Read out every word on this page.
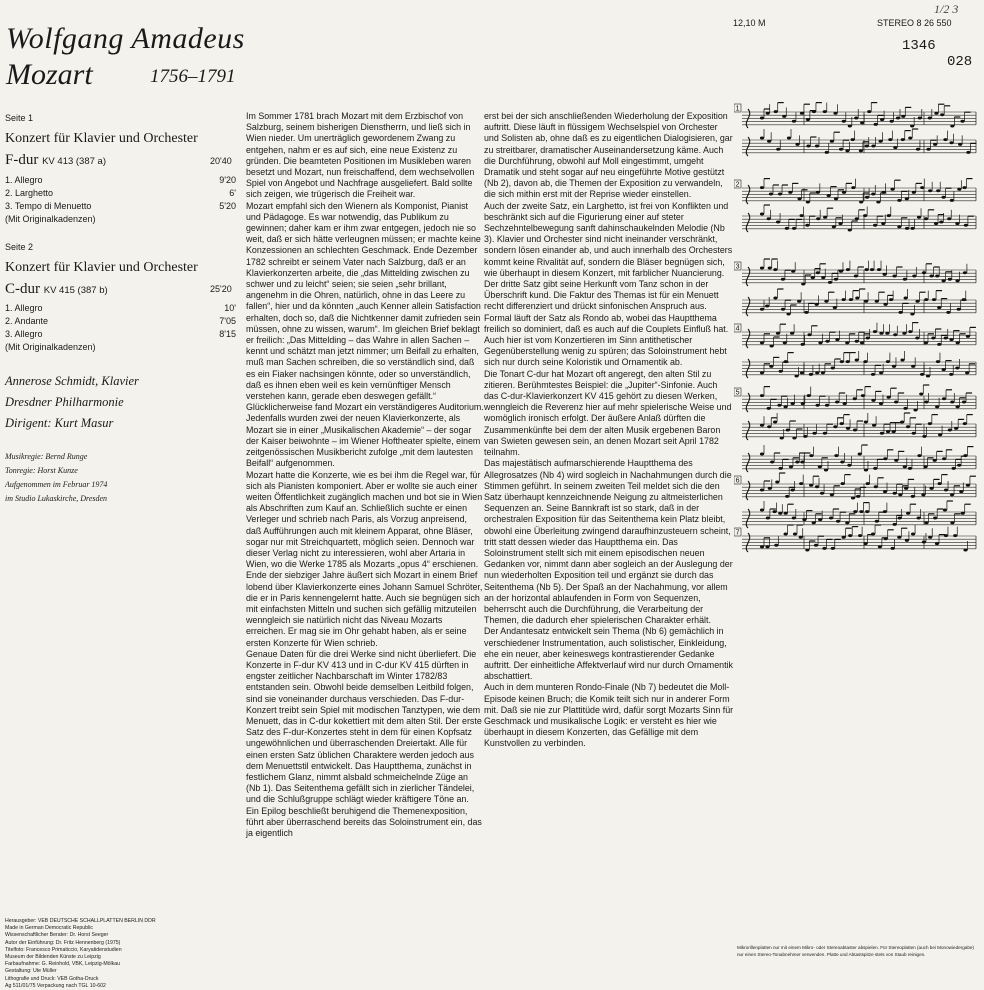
Wolfgang Amadeus
Mozart	1756–1791
12,10 M	STEREO 8 26 550
1/2 3
1346
028
Seite 1
Konzert für Klavier und Orchester
F-dur KV 413 (387 a)	20'40
1. Allegro	9'20
2. Larghetto	6'
3. Tempo di Menuetto	5'20
(Mit Originalkadenzen)
Seite 2
Konzert für Klavier und Orchester
C-dur KV 415 (387 b)	25'20
1. Allegro	10'
2. Andante	7'05
3. Allegro	8'15
(Mit Originalkadenzen)
Annerose Schmidt, Klavier
Dresdner Philharmonie
Dirigent: Kurt Masur
Musikregie: Bernd Runge
Tonregie: Horst Kunze
Aufgenommen im Februar 1974
im Studio Lukaskirche, Dresden
Herausgeber: VEB DEUTSCHE SCHALLPLATTEN BERLIN DDR
Made in German Democratic Republic
Wissenschaftlicher Berater: Dr. Horst Seeger
Autor der Einführung: Dr. Fritz Hennenberg (1975)
Titelfoto: Francesco Primaticcio, Karyatidenstudien
Museum der Bildenden Künste zu Leipzig
Farbaufnahme: G. Reinhold, VBK, Leipzig-Mölkau
Gestaltung: Ute Müller
Lithografie und Druck: VEB Gotha-Druck
Ag 511/01/75 Verpackung nach TGL 10-602

Im Sommer 1781 brach Mozart mit dem Erzbischof von Salzburg, seinem bisherigen Dienstherrn, und ließ sich in Wien nieder. Um unerträglich gewordenem Zwang zu entgehen, nahm er es auf sich, eine neue Existenz zu gründen. Die beamteten Positionen im Musikleben waren besetzt und Mozart, nun freischaffend, dem wechselvollen Spiel von Angebot und Nachfrage ausgeliefert. Bald sollte sich zeigen, wie trügerisch die Freiheit war.

Mozart empfahl sich den Wienern als Komponist, Pianist und Pädagoge. Es war notwendig, das Publikum zu gewinnen; daher kam er ihm zwar entgegen, jedoch nie so weit, daß er sich hätte verleugnen müssen; er machte keine Konzessionen an schlechten Geschmack. Ende Dezember 1782 schreibt er seinem Vater nach Salzburg, daß er an Klavierkonzerten arbeite, die „das Mittelding zwischen zu schwer und zu leicht“ seien; sie seien „sehr brillant, angenehm in die Ohren, natürlich, ohne in das Leere zu fallen“, hier und da könnten „auch Kenner allein Satisfaction erhalten, doch so, daß die Nichtkenner damit zufrieden sein müssen, ohne zu wissen, warum“. Im gleichen Brief beklagt er freilich: „Das Mittelding – das Wahre in allen Sachen – kennt und schätzt man jetzt nimmer; um Beifall zu erhalten, muß man Sachen schreiben, die so verständlich sind, daß es ein Fiaker nachsingen könnte, oder so unverständlich, daß es ihnen eben weil es kein vernünftiger Mensch verstehen kann, gerade eben deswegen gefällt.“ Glücklicherweise fand Mozart ein verständigeres Auditorium. Jedenfalls wurden zwei der neuen Klavierkonzerte, als Mozart sie in einer „Musikalischen Akademie“ – der sogar der Kaiser beiwohnte – im Wiener Hoftheater spielte, einem zeitgenössischen Musikbericht zufolge „mit dem lautesten Beifall“ aufgenommen.

Mozart hatte die Konzerte, wie es bei ihm die Regel war, für sich als Pianisten komponiert. Aber er wollte sie auch einer weiten Öffentlichkeit zugänglich machen und bot sie in Wien als Abschriften zum Kauf an. Schließlich suchte er einen Verleger und schrieb nach Paris, als Vorzug anpreisend, daß Aufführungen auch mit kleinem Apparat, ohne Bläser, sogar nur mit Streichquartett, möglich seien. Dennoch war dieser Verlag nicht zu interessieren, wohl aber Artaria in Wien, wo die Werke 1785 als Mozarts „opus 4“ erschienen.

Ende der siebziger Jahre äußert sich Mozart in einem Brief lobend über Klavierkonzerte eines Johann Samuel Schröter, die er in Paris kennengelernt hatte. Auch sie begnügen sich mit einfachsten Mitteln und suchen sich gefällig mitzuteilen wenngleich sie natürlich nicht das Niveau Mozarts erreichen. Er mag sie im Ohr gehabt haben, als er seine ersten Konzerte für Wien schrieb.

Genaue Daten für die drei Werke sind nicht überliefert. Die Konzerte in F-dur KV 413 und in C-dur KV 415 dürften in engster zeitlicher Nachbarschaft im Winter 1782/83 entstanden sein. Obwohl beide demselben Leitbild folgen, sind sie voneinander durchaus verschieden. Das F-dur-Konzert treibt sein Spiel mit modischen Tanztypen, wie dem Menuett, das in C-dur kokettiert mit dem alten Stil. Der erste Satz des F-dur-Konzertes steht in dem für einen Kopfsatz ungewöhnlichen und überraschenden Dreiertakt. Alle für einen ersten Satz üblichen Charaktere werden jedoch aus dem Menuettstil entwickelt. Das Hauptthema, zunächst in festlichem Glanz, nimmt alsbald schmeichelnde Züge an (Nb 1). Das Seitenthema gefällt sich in zierlicher Tändelei, und die Schlußgruppe schlägt wieder kräftigere Töne an. Ein Epilog beschließt beruhigend die Themenexposition, führt aber überraschend bereits das Soloinstrument ein, das ja eigentlich

erst bei der sich anschließenden Wiederholung der Exposition auftritt. Diese läuft in flüssigem Wechselspiel von Orchester und Solisten ab, ohne daß es zu eigentlichen Dialogisieren, gar zu streitbarer, dramatischer Auseinandersetzung käme. Auch die Durchführung, obwohl auf Moll eingestimmt, umgeht Dramatik und steht sogar auf neu eingeführte Motive gestützt (Nb 2), davon ab, die Themen der Exposition zu verwandeln, die sich mithin erst mit der Reprise wieder einstellen.

Auch der zweite Satz, ein Larghetto, ist frei von Konflikten und beschränkt sich auf die Figurierung einer auf steter Sechzehntelbewegung sanft dahinschaukelnden Melodie (Nb 3). Klavier und Orchester sind nicht ineinander verschränkt, sondern lösen einander ab, und auch innerhalb des Orchesters kommt keine Rivalität auf, sondern die Bläser begnügen sich, wie überhaupt in diesem Konzert, mit farblicher Nuancierung.

Der dritte Satz gibt seine Herkunft vom Tanz schon in der Überschrift kund. Die Faktur des Themas ist für ein Menuett recht differenziert und drückt sinfonischen Anspruch aus. Formal läuft der Satz als Rondo ab, wobei das Hauptthema freilich so dominiert, daß es auch auf die Couplets Einfluß hat. Auch hier ist vom Konzertieren im Sinn antithetischer Gegenüberstellung wenig zu spüren; das Soloinstrument hebt sich nur durch seine Koloristik und Ornamentik ab.

Die Tonart C-dur hat Mozart oft angeregt, den alten Stil zu zitieren. Berühmtestes Beispiel: die „Jupiter“-Sinfonie. Auch das C-dur-Klavierkonzert KV 415 gehört zu diesen Werken, wenngleich die Reverenz hier auf mehr spielerische Weise und womöglich ironisch erfolgt. Der äußere Anlaß dürften die Zusammenkünfte bei dem der alten Musik ergebenen Baron van Swieten gewesen sein, an denen Mozart seit April 1782 teilnahm.

Das majestätisch aufmarschierende Hauptthema des Allegrosatzes (Nb 4) wird sogleich in Nachahmungen durch die Stimmen geführt. In seinem zweiten Teil meldet sich die den Satz überhaupt kennzeichnende Neigung zu altmeisterlichen Sequenzen an. Seine Bannkraft ist so stark, daß in der orchestralen Exposition für das Seitenthema kein Platz bleibt, obwohl eine Überleitung zwingend daraufhinzusteuern scheint, tritt statt dessen wieder das Hauptthema ein. Das Soloinstrument stellt sich mit einem episodischen neuen Gedanken vor, nimmt dann aber sogleich an der Auslegung der nun wiederholten Exposition teil und ergänzt sie durch das Seitenthema (Nb 5). Der Spaß an der Nachahmung, vor allem an der horizontal ablaufenden in Form von Sequenzen, beherrscht auch die Durchführung, die Verarbeitung der Themen, die dadurch eher spielerischen Charakter erhält.

Der Andantesatz entwickelt sein Thema (Nb 6) gemächlich in verschiedener Instrumentation, auch solistischer, Einkleidung, ehe ein neuer, aber keineswegs kontrastierender Gedanke auftritt. Der einheitliche Affektverlauf wird nur durch Ornamentik abschattiert.

Auch in dem munteren Rondo-Finale (Nb 7) bedeutet die Moll-Episode keinen Bruch; die Komik teilt sich nur in anderer Form mit. Daß sie nie zur Plattitüde wird, dafür sorgt Mozarts Sinn für Geschmack und musikalische Logik: er versteht es hier wie überhaupt in diesem Konzerten, das Gefällige mit dem Kunstvollen zu verbinden.

1
2
3
4
5
6
7
Mikrorillenplatten nur mit einem Mikro- oder Stereoabtaster abspielen. Für Stereoplatten (auch bei Monowiedergabe) nur einen Stereo-Tonabnehmer verwenden. Platte und Abtastspitze stets von Staub reinigen.
